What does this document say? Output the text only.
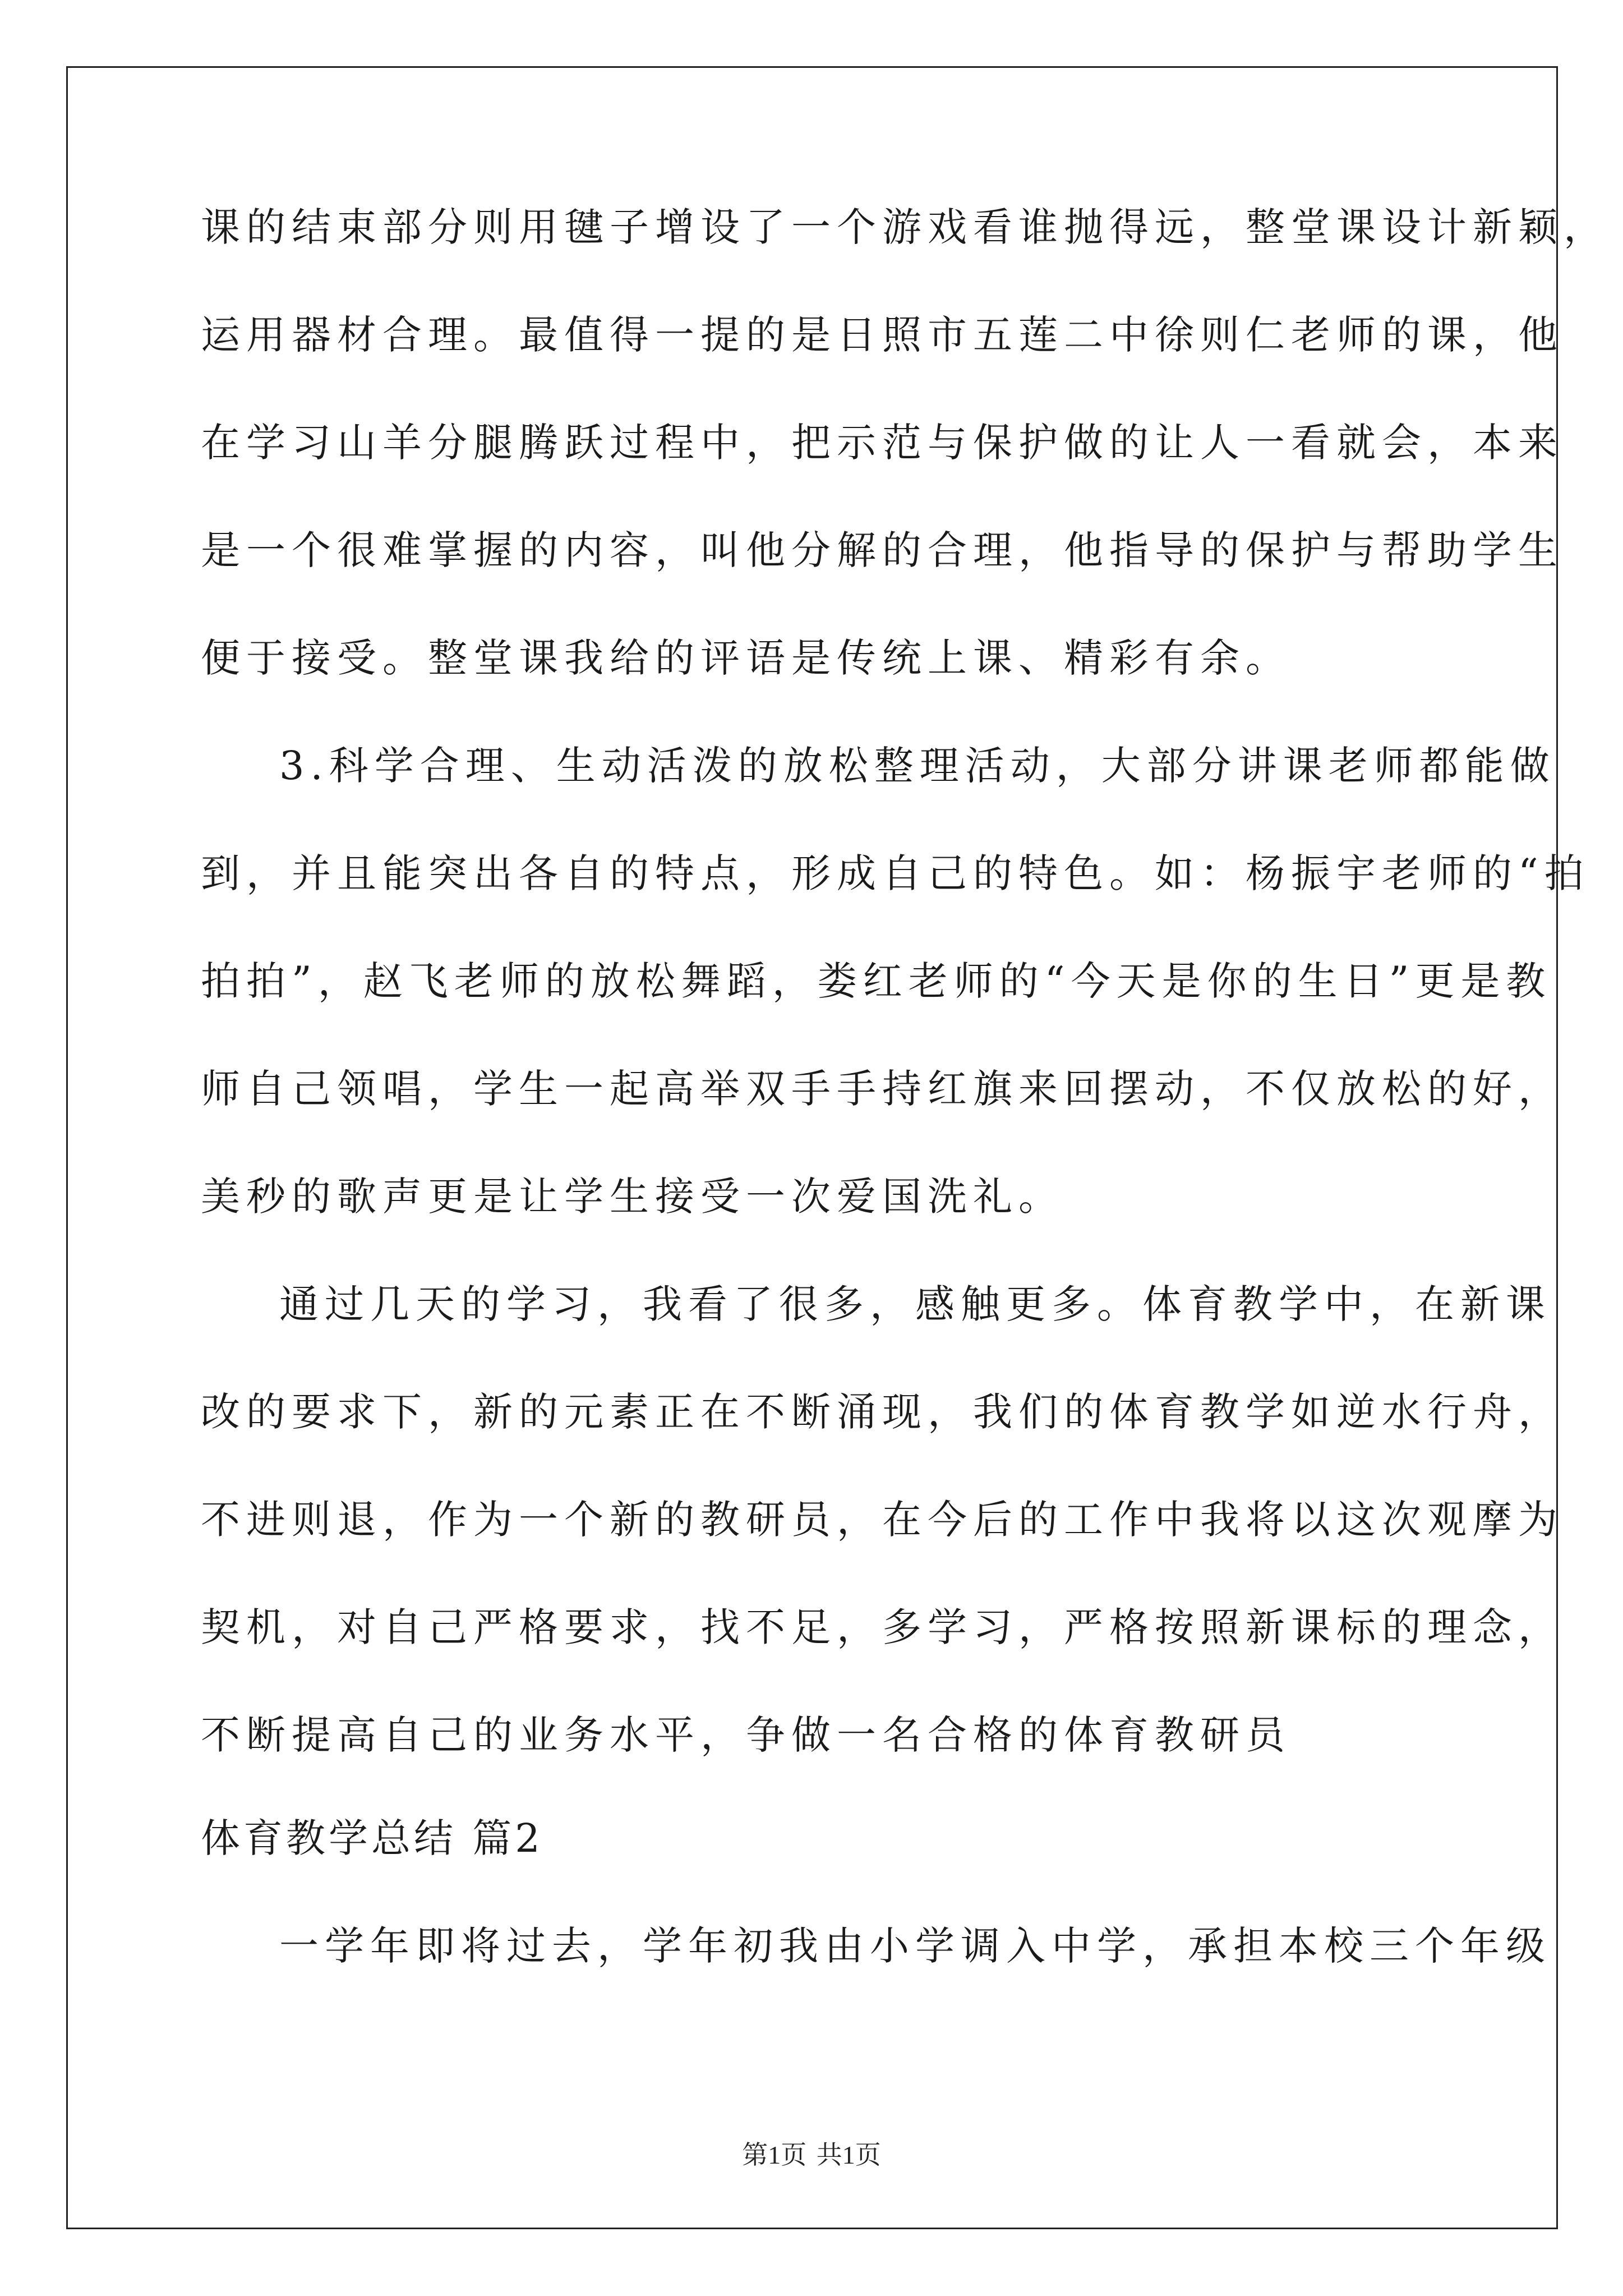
课的结束部分则用毽子增设了一个游戏看谁抛得远，整堂课设计新颖，
运用器材合理。最值得一提的是日照市五莲二中徐则仁老师的课，他
在学习山羊分腿腾跃过程中，把示范与保护做的让人一看就会，本来
是一个很难掌握的内容，叫他分解的合理，他指导的保护与帮助学生
便于接受。整堂课我给的评语是传统上课、精彩有余。
3.科学合理、生动活泼的放松整理活动，大部分讲课老师都能做
到，并且能突出各自的特点，形成自己的特色。如：杨振宇老师的“拍
拍拍”，赵飞老师的放松舞蹈，娄红老师的“今天是你的生日”更是教
师自己领唱，学生一起高举双手手持红旗来回摆动，不仅放松的好，
美秒的歌声更是让学生接受一次爱国洗礼。
通过几天的学习，我看了很多，感触更多。体育教学中，在新课
改的要求下，新的元素正在不断涌现，我们的体育教学如逆水行舟，
不进则退，作为一个新的教研员，在今后的工作中我将以这次观摩为
契机，对自己严格要求，找不足，多学习，严格按照新课标的理念，
不断提高自己的业务水平，争做一名合格的体育教研员
体育教学总结 篇2
一学年即将过去，学年初我由小学调入中学，承担本校三个年级
第1页 共1页
